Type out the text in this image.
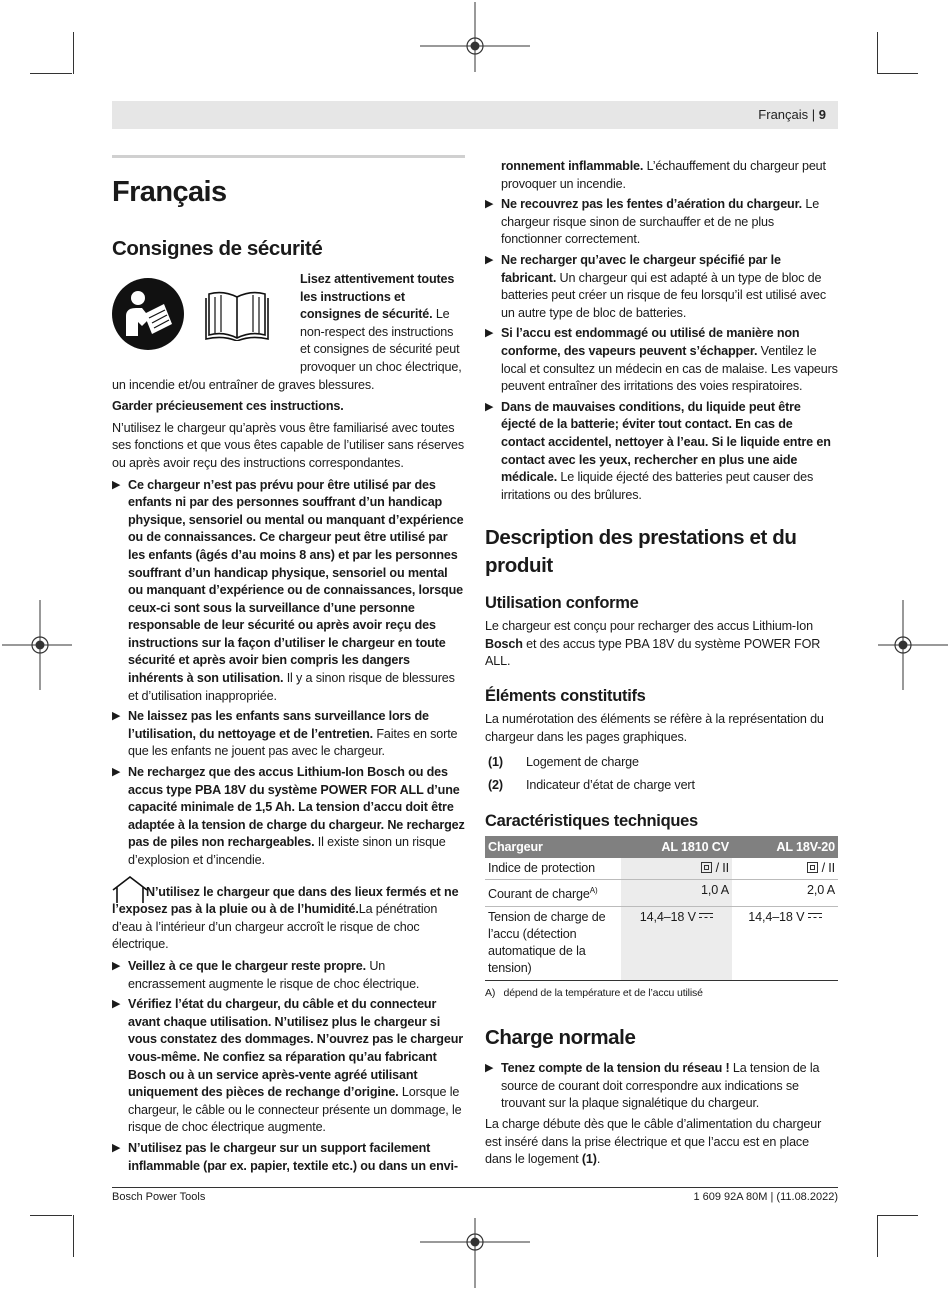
Français | 9
Français
Consignes de sécurité

Lisez attentivement toutes les instructions et consignes de sécurité. Le non-respect des instructions et consignes de sécurité peut provoquer un choc électrique, un incendie et/ou entraîner de graves blessures.

Garder précieusement ces instructions.

N’utilisez le chargeur qu’après vous être familiarisé avec toutes ses fonctions et que vous êtes capable de l’utiliser sans réserves ou après avoir reçu des instructions correspondantes.

▶ Ce chargeur n’est pas prévu pour être utilisé par des enfants ni par des personnes souffrant d’un handicap physique, sensoriel ou mental ou manquant d’expérience ou de connaissances. Ce chargeur peut être utilisé par les enfants (âgés d’au moins 8 ans) et par les personnes souffrant d’un handicap physique, sensoriel ou mental ou manquant d’expérience ou de connaissances, lorsque ceux-ci sont sous la surveillance d’une personne responsable de leur sécurité ou après avoir reçu des instructions sur la façon d’utiliser le chargeur en toute sécurité et après avoir bien compris les dangers inhérents à son utilisation. Il y a sinon risque de blessures et d’utilisation inappropriée.
▶ Ne laissez pas les enfants sans surveillance lors de l’utilisation, du nettoyage et de l’entretien. Faites en sorte que les enfants ne jouent pas avec le chargeur.
▶ Ne rechargez que des accus Lithium-Ion Bosch ou des accus type PBA 18V du système POWER FOR ALL d’une capacité minimale de 1,5 Ah. La tension d’accu doit être adaptée à la tension de charge du chargeur. Ne rechargez pas de piles non rechargeables. Il existe sinon un risque d’explosion et d’incendie.

N’utilisez le chargeur que dans des lieux fermés et ne l’exposez pas à la pluie ou à de l’humidité.La pénétration d’eau à l’intérieur d’un chargeur accroît le risque de choc électrique.

▶ Veillez à ce que le chargeur reste propre. Un encrassement augmente le risque de choc électrique.
▶ Vérifiez l’état du chargeur, du câble et du connecteur avant chaque utilisation. N’utilisez plus le chargeur si vous constatez des dommages. N’ouvrez pas le chargeur vous-même. Ne confiez sa réparation qu’au fabricant Bosch ou à un service après-vente agréé utilisant uniquement des pièces de rechange d’origine. Lorsque le chargeur, le câble ou le connecteur présente un dommage, le risque de choc électrique augmente.
▶ N’utilisez pas le chargeur sur un support facilement inflammable (par ex. papier, textile etc.) ou dans un envi-
ronnement inflammable. L’échauffement du chargeur peut provoquer un incendie.
▶ Ne recouvrez pas les fentes d’aération du chargeur. Le chargeur risque sinon de surchauffer et de ne plus fonctionner correctement.
▶ Ne recharger qu’avec le chargeur spécifié par le fabricant. Un chargeur qui est adapté à un type de bloc de batteries peut créer un risque de feu lorsqu’il est utilisé avec un autre type de bloc de batteries.
▶ Si l’accu est endommagé ou utilisé de manière non conforme, des vapeurs peuvent s’échapper. Ventilez le local et consultez un médecin en cas de malaise. Les vapeurs peuvent entraîner des irritations des voies respiratoires.
▶ Dans de mauvaises conditions, du liquide peut être éjecté de la batterie; éviter tout contact. En cas de contact accidentel, nettoyer à l’eau. Si le liquide entre en contact avec les yeux, rechercher en plus une aide médicale. Le liquide éjecté des batteries peut causer des irritations ou des brûlures.
Description des prestations et du produit
Utilisation conforme

Le chargeur est conçu pour recharger des accus Lithium-Ion Bosch et des accus type PBA 18V du système POWER FOR ALL.

Éléments constitutifs

La numérotation des éléments se réfère à la représentation du chargeur dans les pages graphiques.

(1)	Logement de charge
(2)	Indicateur d’état de charge vert
Caractéristiques techniques
Chargeur	AL 1810 CV	AL 18V-20
Indice de protection	/ II	/ II
Courant de charge$^{A)}$	1,0 A	2,0 A
Tension de charge de l’accu (détection automatique de la tension)	14,4–18 V	14,4–18 V

A) dépend de la température et de l’accu utilisé

Charge normale
▶ Tenez compte de la tension du réseau ! La tension de la source de courant doit correspondre aux indications se trouvant sur la plaque signalétique du chargeur.

La charge débute dès que le câble d’alimentation du chargeur est inséré dans la prise électrique et que l’accu est en place dans le logement (1).

Bosch Power Tools	1 609 92A 80M | (11.08.2022)
